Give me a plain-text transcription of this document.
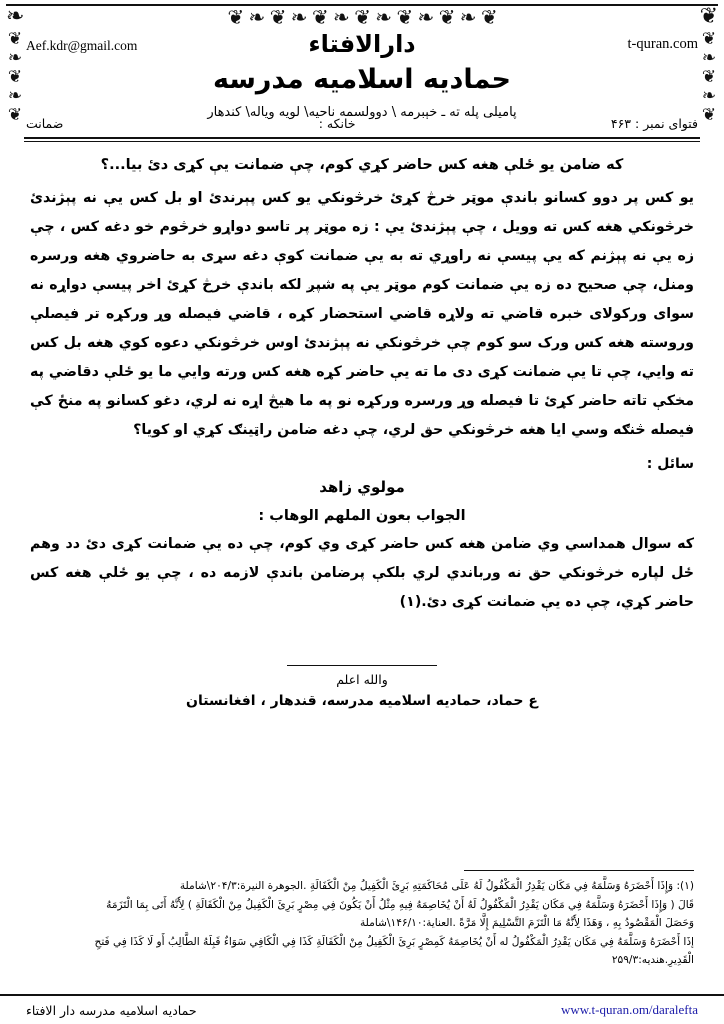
❧	❦ ❧ ❦ ❧ ❦ ❧ ❦ ❧ ❦ ❧ ❦ ❧ ❦	❦
❦
❧
❦
❧
❦
❦
❧
❦
❧
❦
Aef.kdr@gmail.com	t-quran.com
دارالافتاء
حمادیه اسلامیه مدرسه
پامیلی پله ته ـ خېبرمه \ دوولسمه ناحیه\ لویه ویاله\ کندهار
فتوای نمبر : ۴۶۳
خانکه :
ضمانت
که ضامن یو ځلې هغه کس حاضر کړي کوم، چې ضمانت یې کړی دئ بیا...؟
یو کس پر دوو کسانو باندې موټر خرڅ کړئ خرڅونکي یو کس پېرندئ او بل کس یې نه پېژندئ خرڅونکي هغه کس ته وویل ، چې پېژندئ یې : زه موټر پر تاسو دواړو خرڅوم خو دغه کس ، چې زه یې نه پېژنم که یې پیسې نه راوړي ته به یې ضمانت کوې دغه سړی به حاضروي هغه ورسره ومنل، چې صحیح ده زه یې ضمانت کوم موټر یې په شپږ لکه باندې خرڅ کړئ اخر پیسې دواړه نه سوای ورکولای خبره قاضي ته ولاړه قاضي استحضار کړه ، قاضي فیصله وړ ورکړه تر فیصلې وروسته هغه کس ورک سو کوم چې خرڅونکي نه پېژندئ اوس خرڅونکي دعوه کوي هغه بل کس ته وایي، چې تا یې ضمانت کړی دی ما ته یې حاضر کړه هغه کس ورته وایي ما یو ځلې دقاضي په مخکې تاته حاضر کړئ تا فیصله وړ ورسره ورکړه نو په ما هیڅ اړه نه لري، دغو کسانو په منځ کې فیصله څنګه وسي ایا هغه خرڅونکي حق لري، چې دغه ضامن راټینګ کړي او کویا؟
سائل :
مولوي زاهد
الجواب بعون الملهم الوهاب :
که سوال همداسي وي ضامن هغه کس حاضر کړی وي کوم، چې ده یې ضمانت کړی دئ دد وهم ځل لپاره خرڅونکي حق نه ورباندي لري بلکې پرضامن باندې لازمه ده ، چې یو ځلې هغه کس حاضر کړي، چې ده یې ضمانت کړی دئ.(۱)
والله اعلم
ع حماد، حمادیه اسلامیه مدرسه، قندهار ، افغانستان
(۱): وَإِذَا أَحْضَرَهُ وَسَلَّمَهُ فِي مَكَان يَقْدِرُ الْمَكْفُولُ لَهُ عَلَى مُحَاكَمَتِهِ بَرِئَ الْكَفِيلُ مِنْ الْكَفَالَةِ .الجوهرة النیرة:۲۰۴/۳\شاملة
قَالَ ( وَإِذَا أَحْضَرَهُ وَسَلَّمَهُ فِي مَكَان يَقْدِرُ الْمَكْفُولُ لَهُ أَنْ يُخَاصِمَهُ فِيهِ مِثْلُ أَنْ يَكُونَ فِي مِصْرٍ بَرِئَ الْكَفِيلُ مِنْ الْكَفَالَةِ ) لِأَنَّهُ أَتَى بِمَا الْتَزَمَهُ
وَحَصَلَ الْمَقْصُودُ بِهِ ، وَهَذَا لِأَنَّهُ مَا الْتَزَمَ التَّسْلِيمَ إِلَّا مَرَّةً .العنایة:۱۴۶/۱۰\شاملة
إذَا أَحْضَرَهُ وَسَلَّمَهُ فِي مَكَان يَقْدِرُ الْمَكْفُولُ له أَنْ يُخَاصِمَهُ كَمِصْرٍ بَرِئَ الْكَفِيلُ مِنْ الْكَفَالَةِ كَذَا فِي الْكَافِي سَوَاءٌ قَبِلَهُ الطَّالِبُ أَو لَا كَذَا فِي فَتحِ
الْقَدِيرِ.هندیه:۲۵۹/۳
www.t-quran.om/daralefta
حمادیه اسلامیه مدرسه دار الافتاء
